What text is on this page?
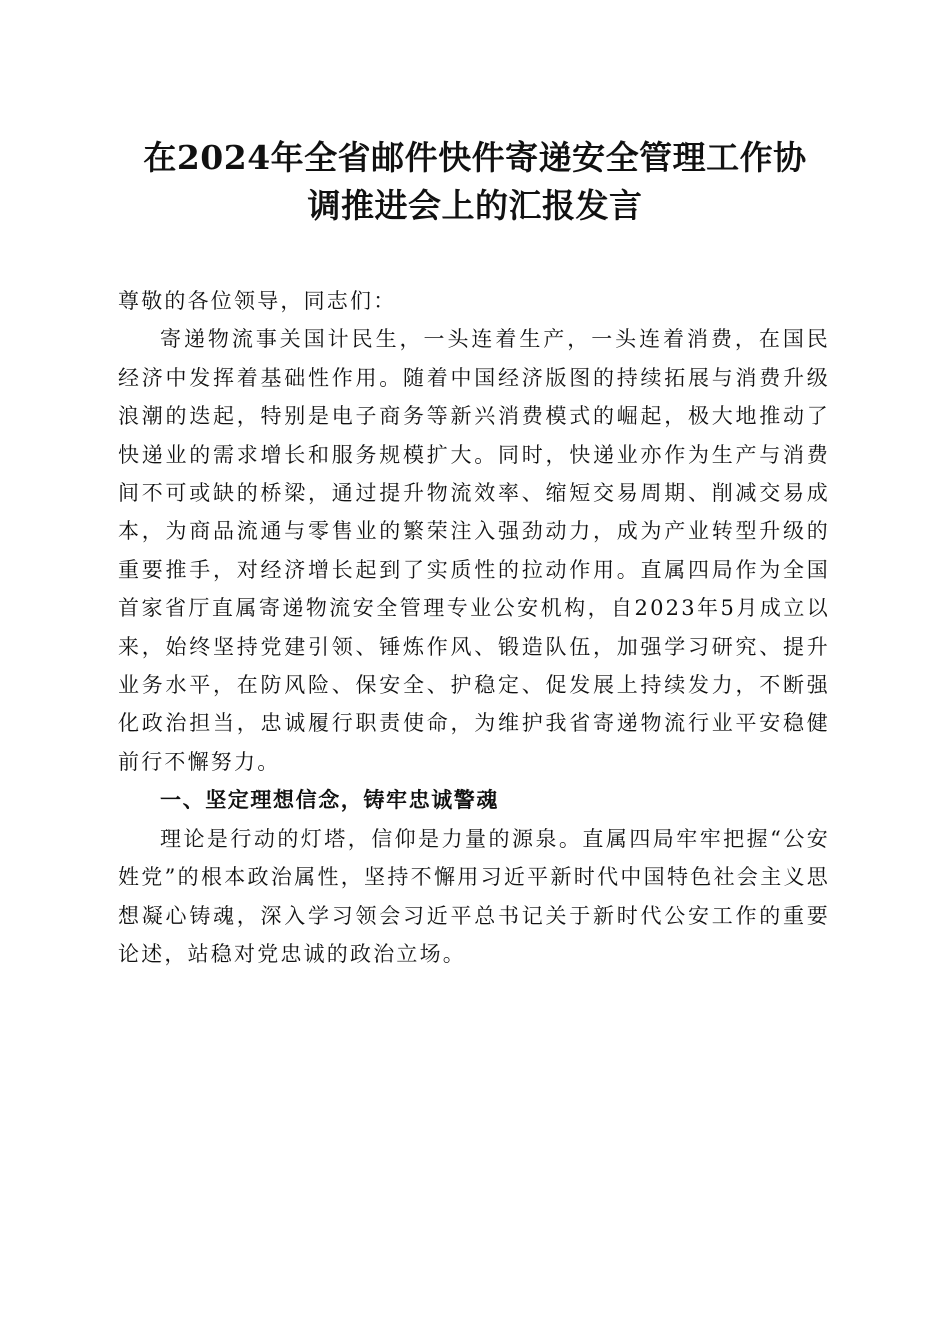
在2024年全省邮件快件寄递安全管理工作协
调推进会上的汇报发言

尊敬的各位领导，同志们：

寄递物流事关国计民生，一头连着生产，一头连着消费，在国民经济中发挥着基础性作用。随着中国经济版图的持续拓展与消费升级浪潮的迭起，特别是电子商务等新兴消费模式的崛起，极大地推动了快递业的需求增长和服务规模扩大。同时，快递业亦作为生产与消费间不可或缺的桥梁，通过提升物流效率、缩短交易周期、削减交易成本，为商品流通与零售业的繁荣注入强劲动力，成为产业转型升级的重要推手，对经济增长起到了实质性的拉动作用。直属四局作为全国首家省厅直属寄递物流安全管理专业公安机构，自2023年5月成立以来，始终坚持党建引领、锤炼作风、锻造队伍，加强学习研究、提升业务水平，在防风险、保安全、护稳定、促发展上持续发力，不断强化政治担当，忠诚履行职责使命，为维护我省寄递物流行业平安稳健前行不懈努力。

一、坚定理想信念，铸牢忠诚警魂

理论是行动的灯塔，信仰是力量的源泉。直属四局牢牢把握“公安姓党”的根本政治属性，坚持不懈用习近平新时代中国特色社会主义思想凝心铸魂，深入学习领会习近平总书记关于新时代公安工作的重要论述，站稳对党忠诚的政治立场。
